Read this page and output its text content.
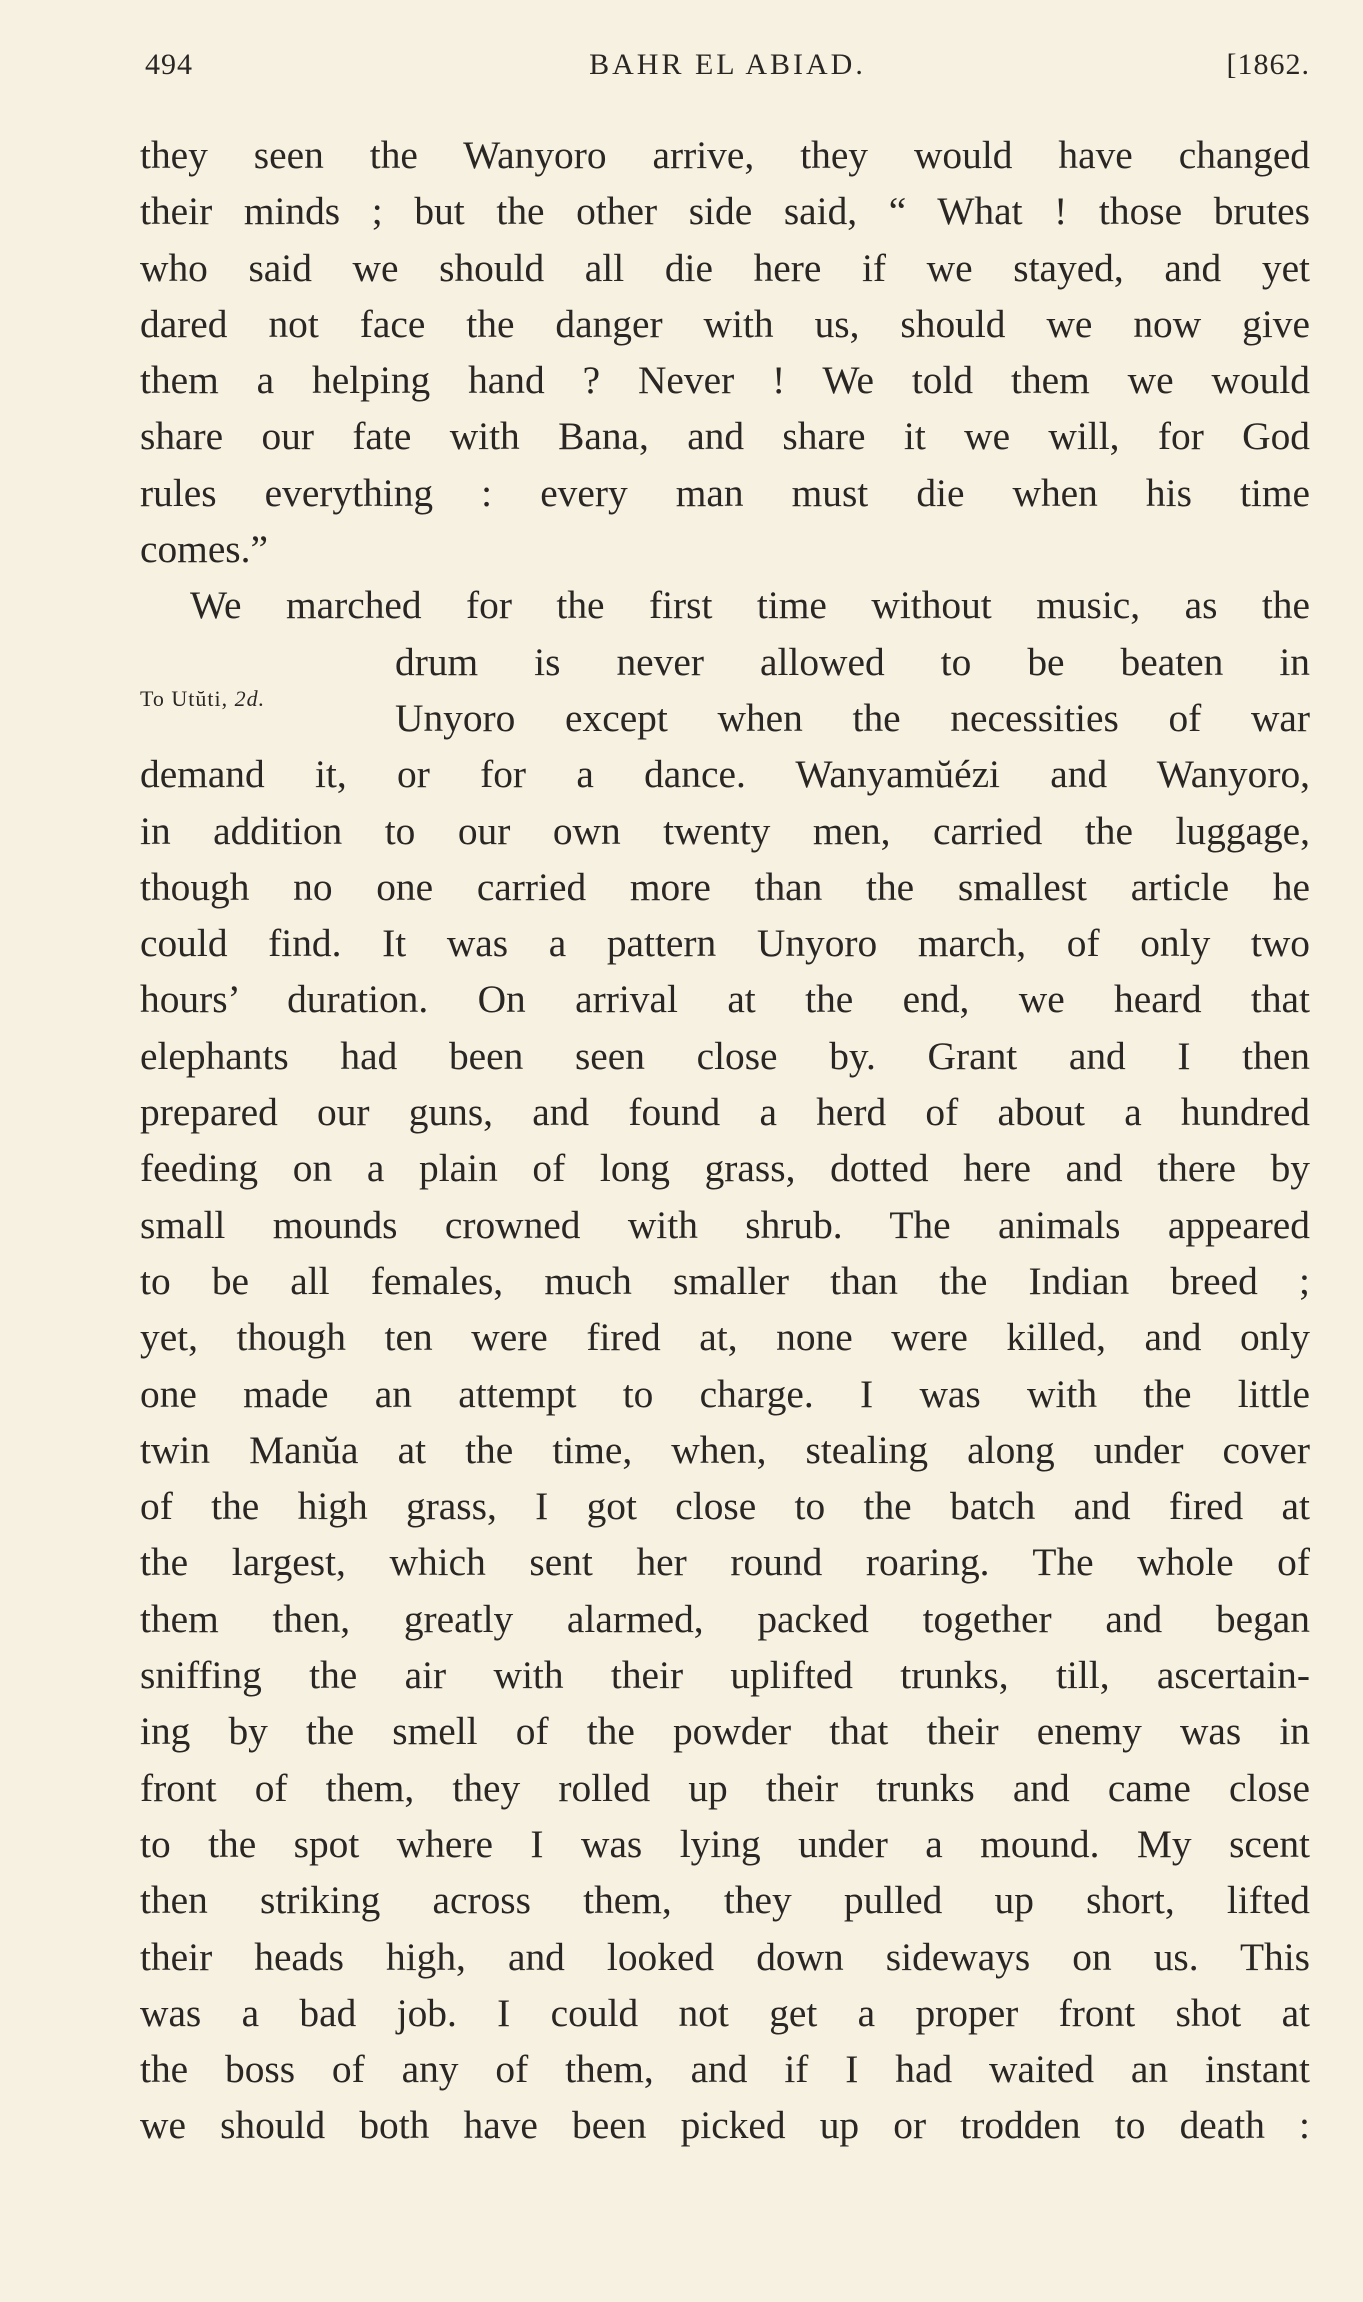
494	BAHR EL ABIAD.	[1862.
To Utŭti, 2d.
they seen the Wanyoro arrive, they would have changed
their minds ; but the other side said, “ What ! those brutes
who said we should all die here if we stayed, and yet
dared not face the danger with us, should we now give
them a helping hand ? Never ! We told them we would
share our fate with Bana, and share it we will, for God
rules everything : every man must die when his time
comes.”
We marched for the first time without music, as the
drum is never allowed to be beaten in
Unyoro except when the necessities of war
demand it, or for a dance. Wanyamŭézi and Wanyoro,
in addition to our own twenty men, carried the luggage,
though no one carried more than the smallest article he
could find. It was a pattern Unyoro march, of only two
hours’ duration. On arrival at the end, we heard that
elephants had been seen close by. Grant and I then
prepared our guns, and found a herd of about a hundred
feeding on a plain of long grass, dotted here and there by
small mounds crowned with shrub. The animals appeared
to be all females, much smaller than the Indian breed ;
yet, though ten were fired at, none were killed, and only
one made an attempt to charge. I was with the little
twin Manŭa at the time, when, stealing along under cover
of the high grass, I got close to the batch and fired at
the largest, which sent her round roaring. The whole of
them then, greatly alarmed, packed together and began
sniffing the air with their uplifted trunks, till, ascertain-
ing by the smell of the powder that their enemy was in
front of them, they rolled up their trunks and came close
to the spot where I was lying under a mound. My scent
then striking across them, they pulled up short, lifted
their heads high, and looked down sideways on us. This
was a bad job. I could not get a proper front shot at
the boss of any of them, and if I had waited an instant
we should both have been picked up or trodden to death :
